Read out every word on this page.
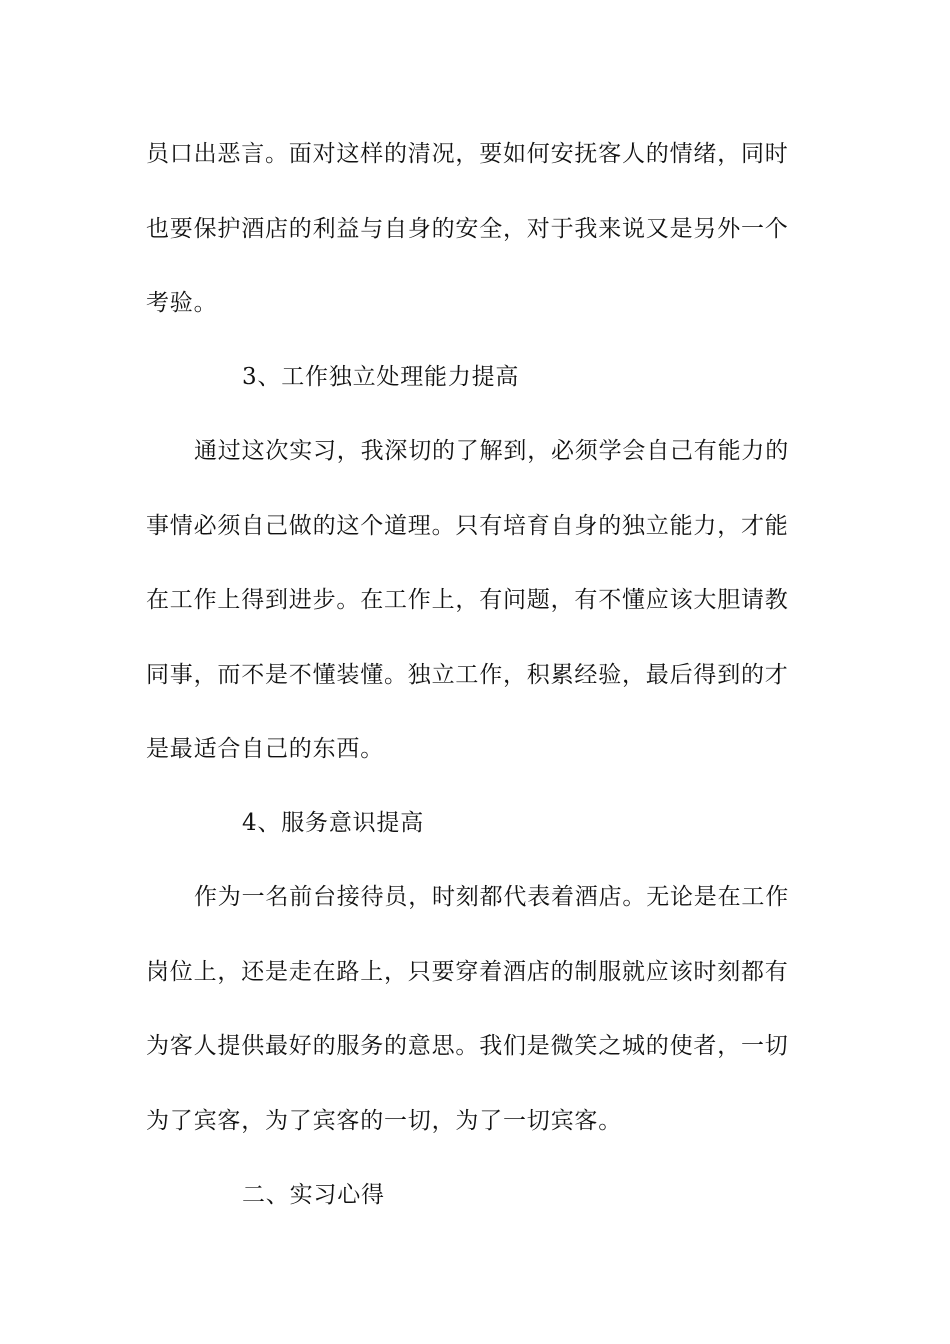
员口出恶言。面对这样的清况，要如何安抚客人的情绪，同时
也要保护酒店的利益与自身的安全，对于我来说又是另外一个
考验。
3、工作独立处理能力提高
通过这次实习，我深切的了解到，必须学会自己有能力的
事情必须自己做的这个道理。只有培育自身的独立能力，才能
在工作上得到进步。在工作上，有问题，有不懂应该大胆请教
同事，而不是不懂装懂。独立工作，积累经验，最后得到的才
是最适合自己的东西。
4、服务意识提高
作为一名前台接待员，时刻都代表着酒店。无论是在工作
岗位上，还是走在路上，只要穿着酒店的制服就应该时刻都有
为客人提供最好的服务的意思。我们是微笑之城的使者，一切
为了宾客，为了宾客的一切，为了一切宾客。
二、实习心得
